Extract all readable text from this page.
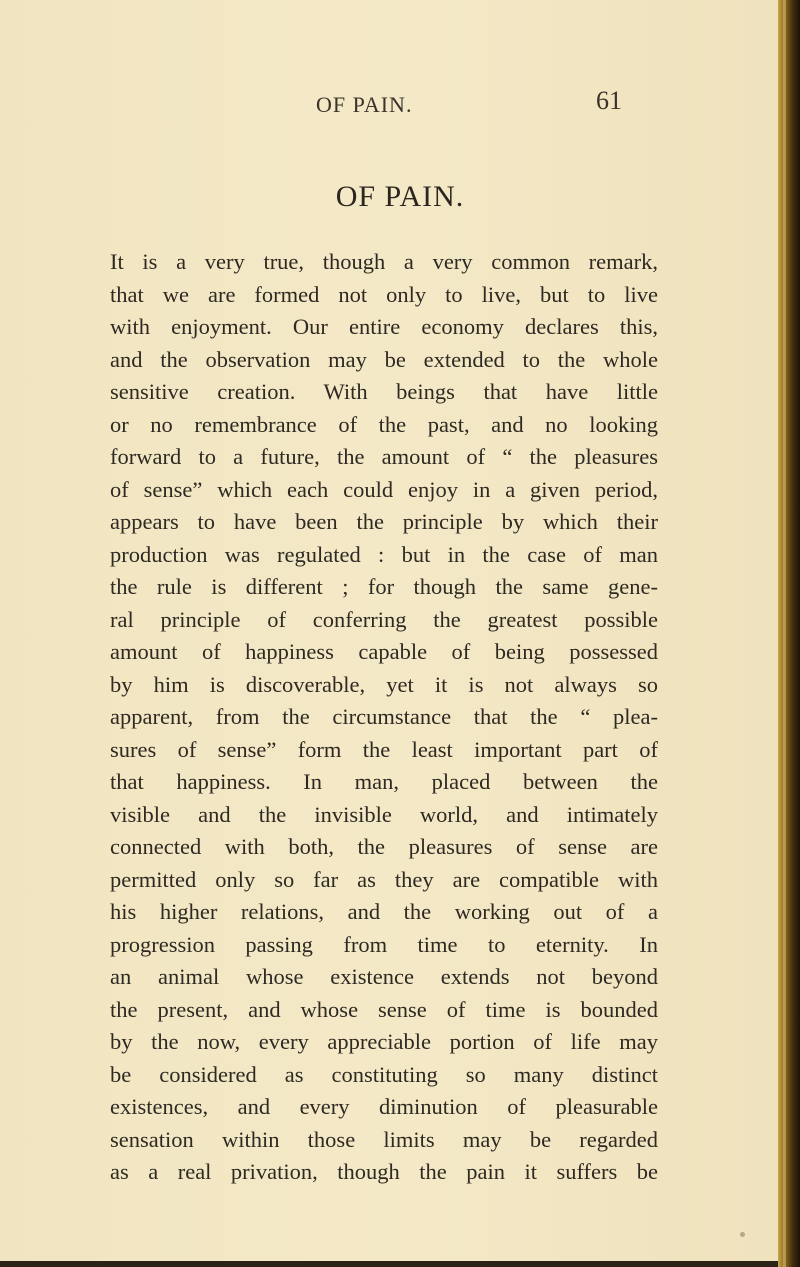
OF PAIN.	61
OF PAIN.
It is a very true, though a very common remark,
that we are formed not only to live, but to live
with enjoyment. Our entire economy declares this,
and the observation may be extended to the whole
sensitive creation. With beings that have little
or no remembrance of the past, and no looking
forward to a future, the amount of “ the pleasures
of sense” which each could enjoy in a given period,
appears to have been the principle by which their
production was regulated : but in the case of man
the rule is different ; for though the same gene-
ral principle of conferring the greatest possible
amount of happiness capable of being possessed
by him is discoverable, yet it is not always so
apparent, from the circumstance that the “ plea-
sures of sense” form the least important part of
that happiness. In man, placed between the
visible and the invisible world, and intimately
connected with both, the pleasures of sense are
permitted only so far as they are compatible with
his higher relations, and the working out of a
progression passing from time to eternity. In
an animal whose existence extends not beyond
the present, and whose sense of time is bounded
by the now, every appreciable portion of life may
be considered as constituting so many distinct
existences, and every diminution of pleasurable
sensation within those limits may be regarded
as a real privation, though the pain it suffers be
